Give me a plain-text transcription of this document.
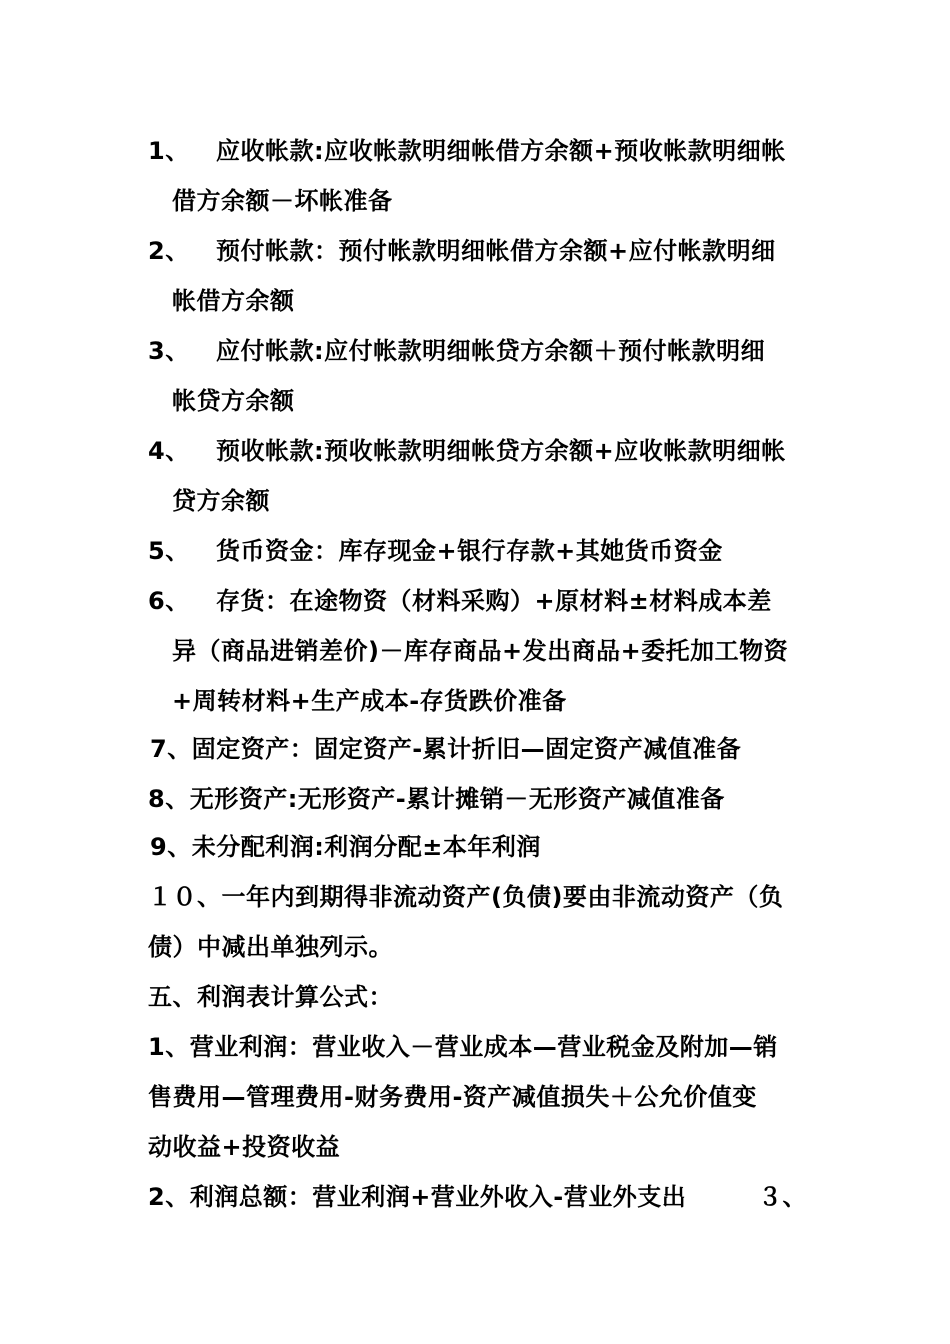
1、 应收帐款:应收帐款明细帐借方余额+预收帐款明细帐
借方余额－坏帐准备
2、 预付帐款：预付帐款明细帐借方余额+应付帐款明细
帐借方余额
3、 应付帐款:应付帐款明细帐贷方余额＋预付帐款明细
帐贷方余额
4、 预收帐款:预收帐款明细帐贷方余额+应收帐款明细帐
贷方余额
5、 货币资金：库存现金+银行存款+其她货币资金
6、 存货：在途物资（材料采购）+原材料±材料成本差
异（商品进销差价)－库存商品+发出商品+委托加工物资
+周转材料+生产成本-存货跌价准备
7、固定资产：固定资产-累计折旧—固定资产减值准备
8、无形资产:无形资产-累计摊销－无形资产减值准备
9、未分配利润:利润分配±本年利润
１０、一年内到期得非流动资产(负债)要由非流动资产（负
债）中减出单独列示。
五、利润表计算公式：
1、营业利润：营业收入－营业成本—营业税金及附加—销
售费用—管理费用-财务费用-资产减值损失＋公允价值变
动收益+投资收益
2、利润总额：营业利润+营业外收入-营业外支出	３、
